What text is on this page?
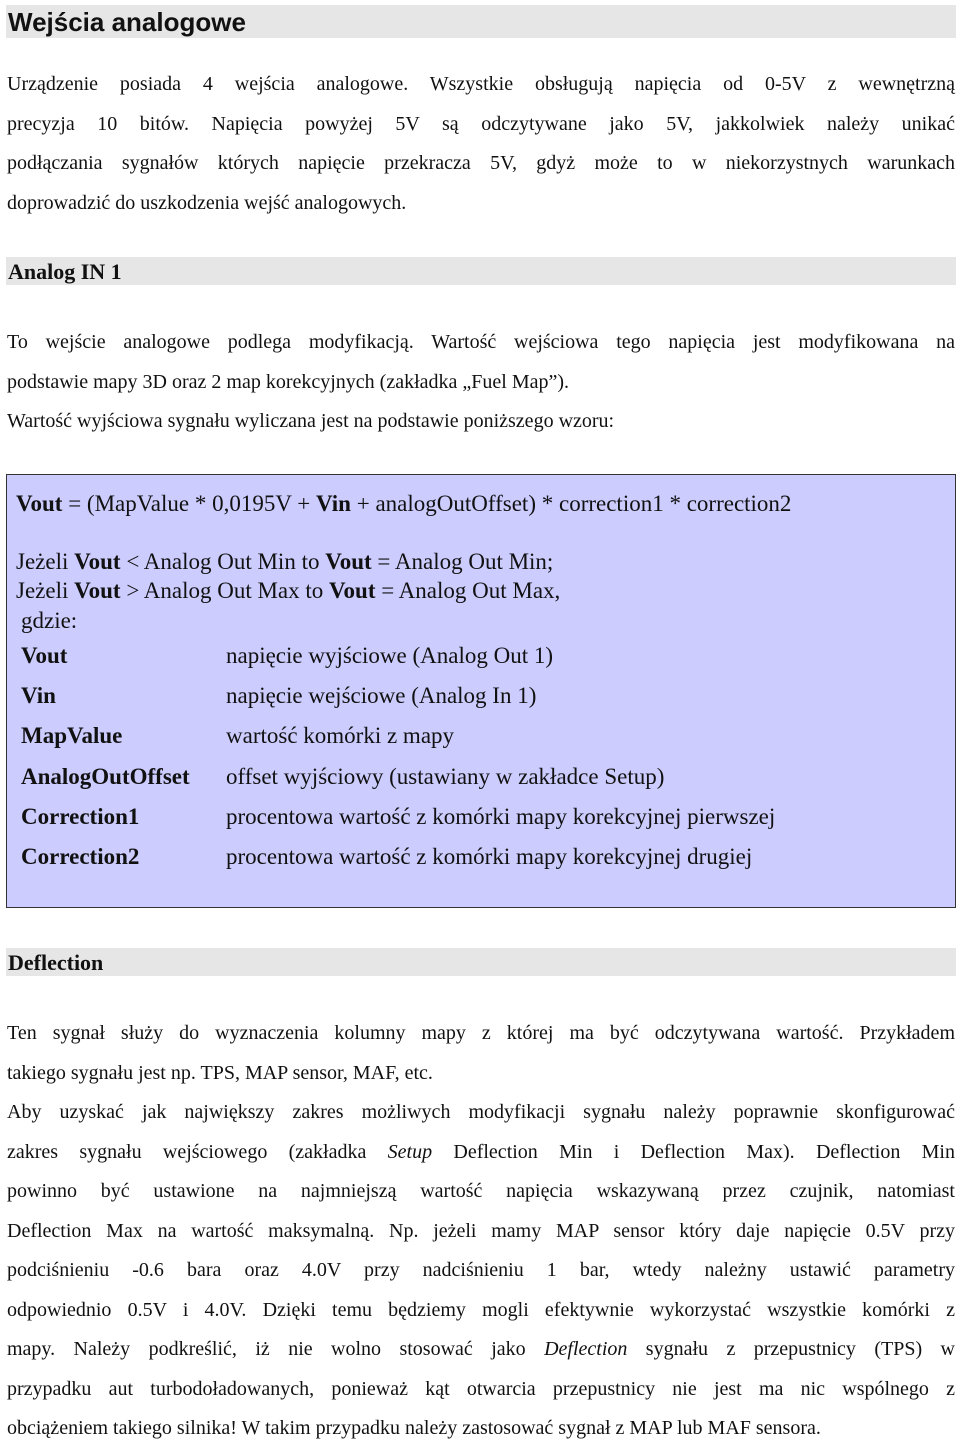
Wejścia analogowe
Urządzenie posiada 4 wejścia analogowe. Wszystkie obsługują napięcia od 0-5V z wewnętrzną
precyzja 10 bitów. Napięcia powyżej 5V są odczytywane jako 5V, jakkolwiek należy unikać
podłączania sygnałów których napięcie przekracza 5V, gdyż może to w niekorzystnych warunkach
doprowadzić do uszkodzenia wejść analogowych.
Analog IN 1
To wejście analogowe podlega modyfikacją. Wartość wejściowa tego napięcia jest modyfikowana na
podstawie mapy 3D oraz 2 map korekcyjnych (zakładka „Fuel Map”).
Wartość wyjściowa sygnału wyliczana jest na podstawie poniższego wzoru:
Vout = (MapValue * 0,0195V + Vin + analogOutOffset) * correction1 * correction2
Jeżeli Vout < Analog Out Min to Vout = Analog Out Min;
Jeżeli Vout > Analog Out Max to Vout = Analog Out Max,
gdzie:
Vout	napięcie wyjściowe (Analog Out 1)
Vin	napięcie wejściowe (Analog In 1)
MapValue	wartość komórki z mapy
AnalogOutOffset offset wyjściowy (ustawiany w zakładce Setup)
Correction1	procentowa wartość z komórki mapy korekcyjnej pierwszej
Correction2	procentowa wartość z komórki mapy korekcyjnej drugiej
Deflection
Ten sygnał służy do wyznaczenia kolumny mapy z której ma być odczytywana wartość. Przykładem
takiego sygnału jest np. TPS, MAP sensor, MAF, etc.
Aby uzyskać jak największy zakres możliwych modyfikacji sygnału należy poprawnie skonfigurować
zakres sygnału wejściowego (zakładka Setup Deflection Min i Deflection Max). Deflection Min
powinno być ustawione na najmniejszą wartość napięcia wskazywaną przez czujnik, natomiast
Deflection Max na wartość maksymalną. Np. jeżeli mamy MAP sensor który daje napięcie 0.5V przy
podciśnieniu -0.6 bara oraz 4.0V przy nadciśnieniu 1 bar, wtedy należny ustawić parametry
odpowiednio 0.5V i 4.0V. Dzięki temu będziemy mogli efektywnie wykorzystać wszystkie komórki z
mapy. Należy podkreślić, iż nie wolno stosować jako Deflection sygnału z przepustnicy (TPS) w
przypadku aut turbodoładowanych, ponieważ kąt otwarcia przepustnicy nie jest ma nic wspólnego z
obciążeniem takiego silnika! W takim przypadku należy zastosować sygnał z MAP lub MAF sensora.
